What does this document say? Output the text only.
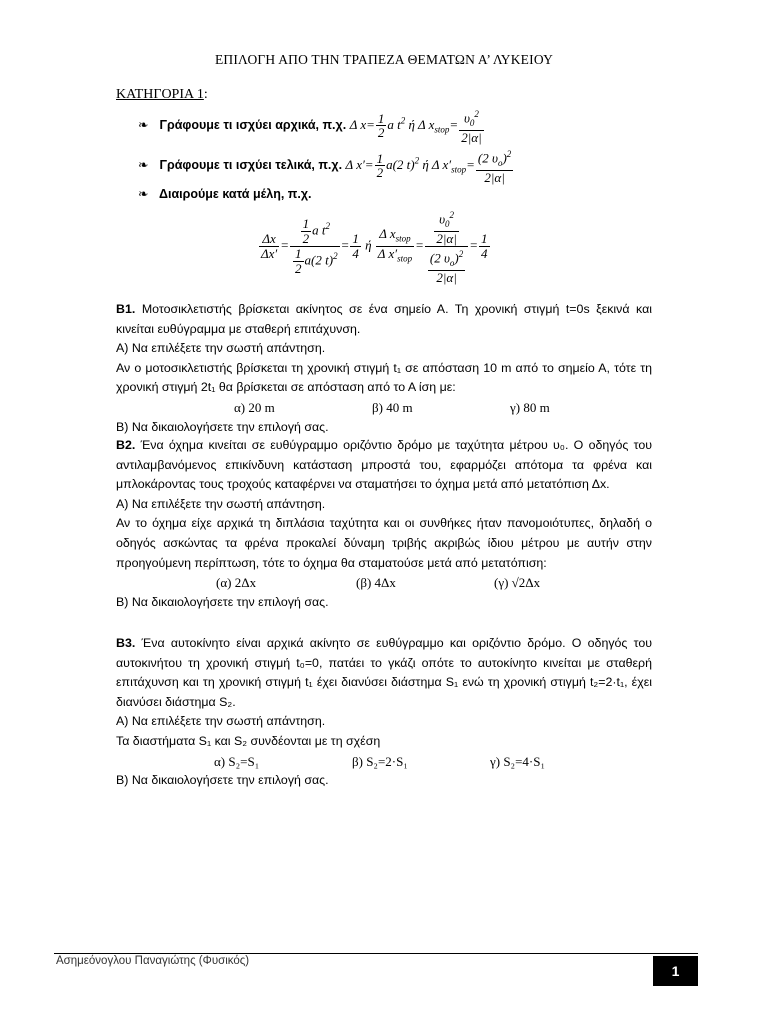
ΕΠΙΛΟΓΗ ΑΠΟ ΤΗΝ ΤΡΑΠΕΖΑ ΘΕΜΑΤΩΝ Α’ ΛΥΚΕΙΟΥ
ΚΑΤΗΓΟΡΙΑ 1:
❧ Γράφουμε τι ισχύει αρχικά, π.χ. Δ $x= \frac{1}{2}$ a $t^2$ ή Δ $x_{stop}= \frac{\upsilon_0^2}{2|\alpha|}$
❧ Γράφουμε τι ισχύει τελικά, π.χ. Δ $x'= \frac{1}{2} a(2$ t)$^2$ ή Δ $x'_{stop}= \frac{(2 \upsilon_o)^2}{2|\alpha|}$
❧ Διαιρούμε κατά μέλη, π.χ.
$\frac{\Delta x}{\Delta x'} = \frac{\frac{1}{2} a t^2}{\frac{1}{2} a(2 t)^2} = \frac{1}{4}$ ή $\frac{\Delta x_{stop}}{\Delta x'_{stop}} = \frac{\frac{\upsilon_0^2}{2|\alpha|}}{\frac{(2 \upsilon_o)^2}{2|\alpha|}} = \frac{1}{4}$

Β1. Μοτοσικλετιστής βρίσκεται ακίνητος σε ένα σημείο Α. Τη χρονική στιγμή t=0s ξεκινά και κινείται ευθύγραμμα με σταθερή επιτάχυνση.

Α) Να επιλέξετε την σωστή απάντηση.

Αν ο μοτοσικλετιστής βρίσκεται τη χρονική στιγμή t₁ σε απόσταση 10 m από το σημείο Α, τότε τη χρονική στιγμή 2t₁ θα βρίσκεται σε απόσταση από το Α ίση με:

α) 20 m	β) 40 m	γ) 80 m

Β) Να δικαιολογήσετε την επιλογή σας.

Β2. Ένα όχημα κινείται σε ευθύγραμμο οριζόντιο δρόμο με ταχύτητα μέτρου υ₀. Ο οδηγός του αντιλαμβανόμενος επικίνδυνη κατάσταση μπροστά του, εφαρμόζει απότομα τα φρένα και μπλοκάροντας τους τροχούς καταφέρνει να σταματήσει το όχημα μετά από μετατόπιση Δx.

Α) Να επιλέξετε την σωστή απάντηση.

Αν το όχημα είχε αρχικά τη διπλάσια ταχύτητα και οι συνθήκες ήταν πανομοιότυπες, δηλαδή ο οδηγός ασκώντας τα φρένα προκαλεί δύναμη τριβής ακριβώς ίδιου μέτρου με αυτήν στην προηγούμενη περίπτωση, τότε το όχημα θα σταματούσε μετά από μετατόπιση:

(α) 2Δx	(β) 4Δx	(γ) √2Δx

Β) Να δικαιολογήσετε την επιλογή σας.

Β3. Ένα αυτοκίνητο είναι αρχικά ακίνητο σε ευθύγραμμο και οριζόντιο δρόμο. Ο οδηγός του αυτοκινήτου τη χρονική στιγμή t₀=0, πατάει το γκάζι οπότε το αυτοκίνητο κινείται με σταθερή επιτάχυνση και τη χρονική στιγμή t₁ έχει διανύσει διάστημα S₁ ενώ τη χρονική στιγμή t₂=2·t₁, έχει διανύσει διάστημα S₂.

Α) Να επιλέξετε την σωστή απάντηση.

Τα διαστήματα S₁ και S₂ συνδέονται με τη σχέση

α) S₂=S₁	β) S₂=2·S₁	γ) S₂=4·S₁

Β) Να δικαιολογήσετε την επιλογή σας.

Ασημεόνογλου Παναγιώτης (Φυσικός)
1
